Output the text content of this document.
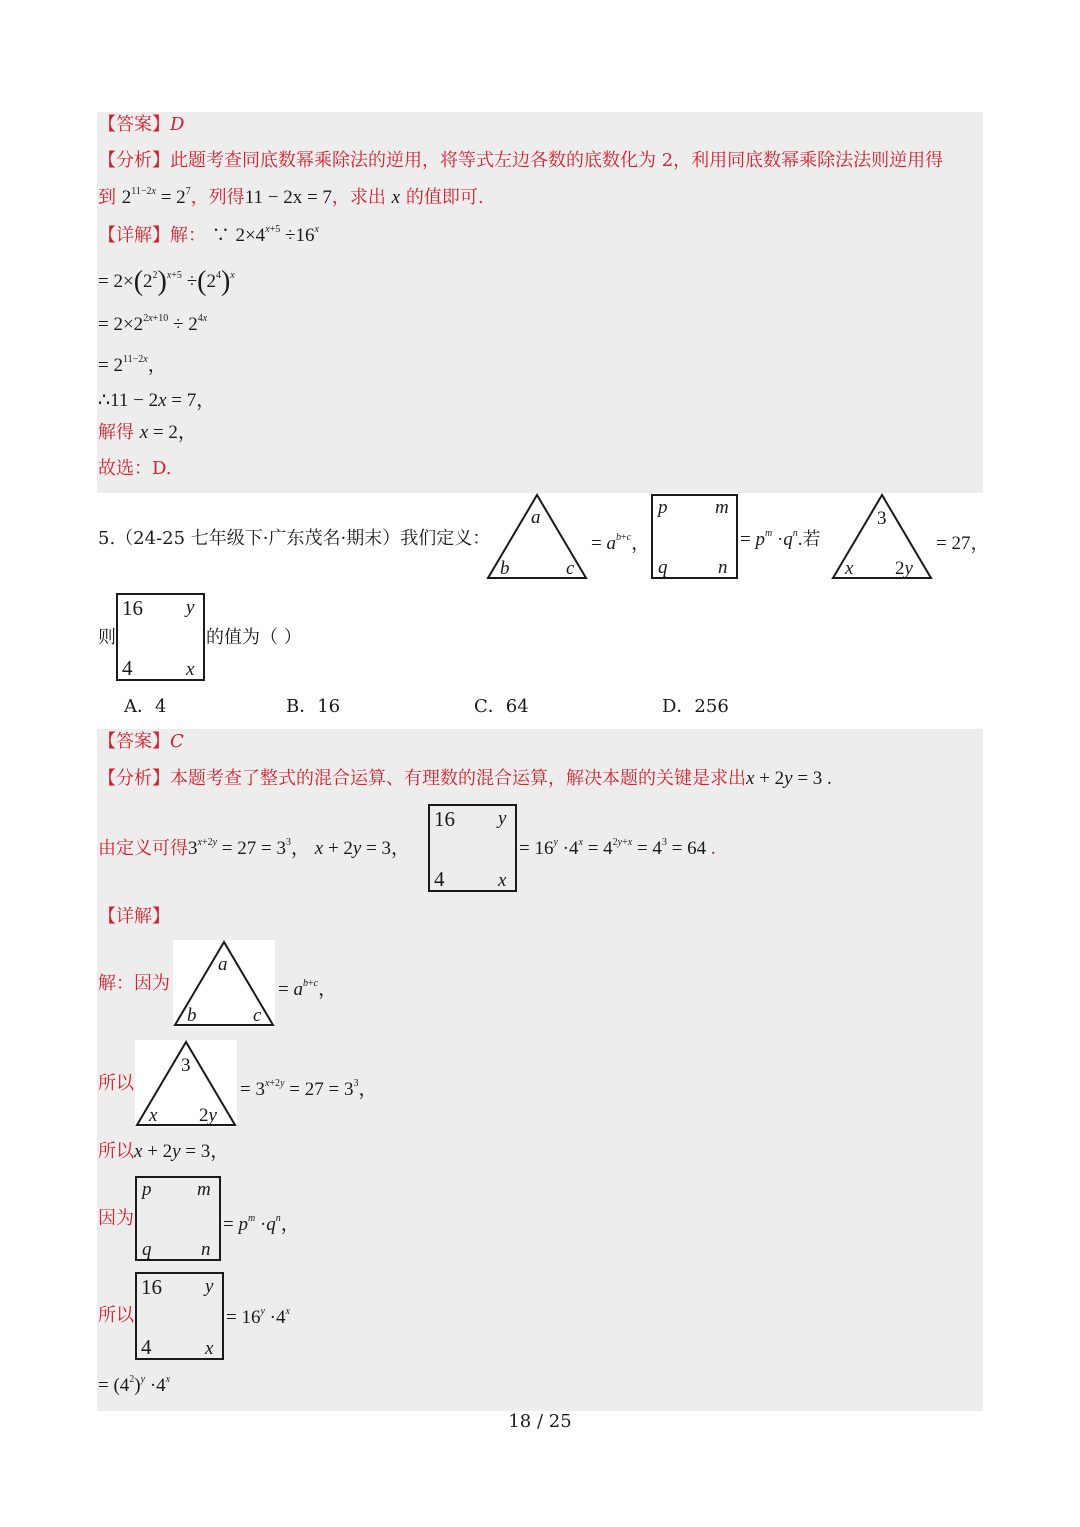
【答案】D
【分析】此题考查同底数幂乘除法的逆用，将等式左边各数的底数化为 2，利用同底数幂乘除法法则逆用得
到 $2^{11-2x} = 2^7$，列得11 − 2x = 7，求出 x 的值即可.
【详解】解： ∵ $2\times 4^{x+5} \div 16^x$
= $2\times(2^2)^{x+5} \div(2^4)^x$
= $2\times 2^{2x+10} \div 2^{4x}$
= $2^{11-2x}$，
∴11 − 2x = 7，
解得 x = 2，
故选：D.
5.（24-25 七年级下·广东茂名·期末）我们定义：
a
b	c
= $a^{b+c}$，
p	m
q	n
= $p^m \cdot q^n$.若
3
x 2y
= 27，
则
16 y
4	x
的值为（ ）
A．4	B．16	C．64	D．256
【答案】C
【分析】本题考查了整式的混合运算、有理数的混合运算，解决本题的关键是求出x + 2y = 3 .
由定义可得$3^{x+2y} = 27 = 3^3$， x + 2y = 3，
16 y
4	x
= $16^y \cdot 4^x = 4^{2y+x} = 4^3 = 64$ .
【详解】
解：因为
a
b	c
= $a^{b+c}$，
所以
3
x 2y
= $3^{x+2y} = 27 = 3^3$，
所以x + 2y = 3，
因为
p m
q	n
= $p^m \cdot q^n$，
所以
16 y
4	x
= $16^y \cdot 4^x$
= $(4^2)^y \cdot 4^x$
18 / 25
